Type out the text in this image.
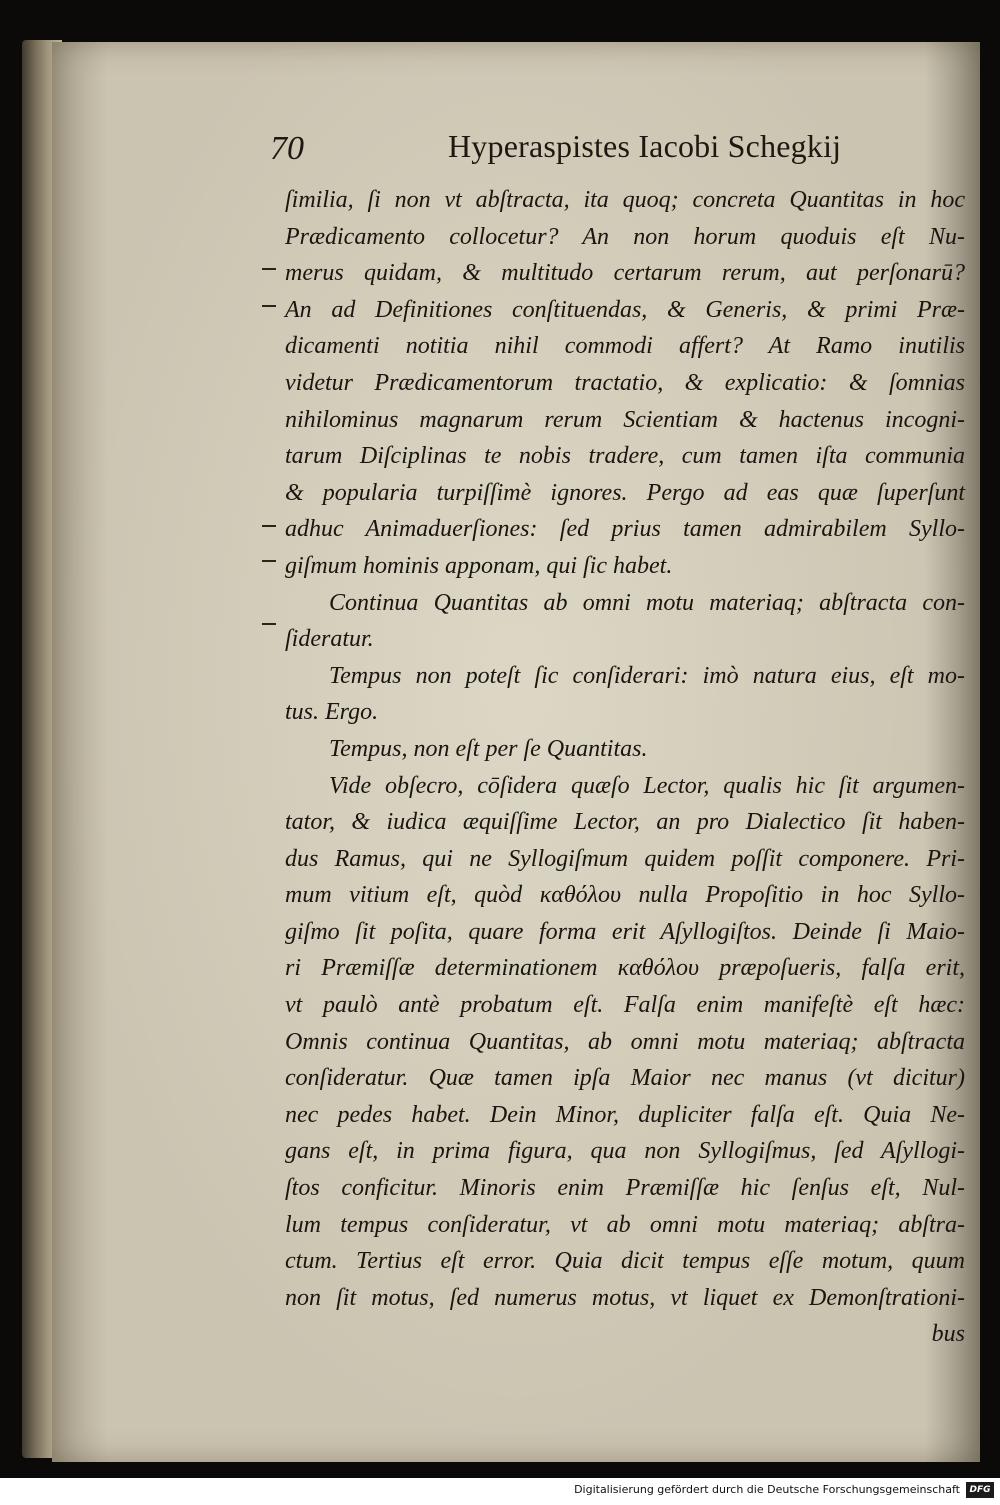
70	Hyperaspistes Iacobi Schegkij
ſimilia, ſi non vt abſtracta, ita quoq; concreta Quantitas in hoc
Prædicamento collocetur? An non horum quoduis eſt Nu-
merus quidam, & multitudo certarum rerum, aut perſonarū?
An ad Definitiones conſtituendas, & Generis, & primi Præ-
dicamenti notitia nihil commodi affert? At Ramo inutilis
videtur Prædicamentorum tractatio, & explicatio: & ſomnias
nihilominus magnarum rerum Scientiam & hactenus incogni-
tarum Diſciplinas te nobis tradere, cum tamen iſta communia
& popularia turpiſſimè ignores. Pergo ad eas quæ ſuperſunt
adhuc Animaduerſiones: ſed prius tamen admirabilem Syllo-
giſmum hominis apponam, qui ſic habet.
Continua Quantitas ab omni motu materiaq; abſtracta con-
ſideratur.
Tempus non poteſt ſic conſiderari: imò natura eius, eſt mo-
tus. Ergo.
Tempus, non eſt per ſe Quantitas.
Vide obſecro, cōſidera quæſo Lector, qualis hic ſit argumen-
tator, & iudica æquiſſime Lector, an pro Dialectico ſit haben-
dus Ramus, qui ne Syllogiſmum quidem poſſit componere. Pri-
mum vitium eſt, quòd καθόλου nulla Propoſitio in hoc Syllo-
giſmo ſit poſita, quare forma erit Aſyllogiſtos. Deinde ſi Maio-
ri Præmiſſæ determinationem καθόλου præpoſueris, falſa erit,
vt paulò antè probatum eſt. Falſa enim manifeſtè eſt hæc:
Omnis continua Quantitas, ab omni motu materiaq; abſtracta
conſideratur. Quæ tamen ipſa Maior nec manus (vt dicitur)
nec pedes habet. Dein Minor, dupliciter falſa eſt. Quia Ne-
gans eſt, in prima figura, qua non Syllogiſmus, ſed Aſyllogi-
ſtos conficitur. Minoris enim Præmiſſæ hic ſenſus eſt, Nul-
lum tempus conſideratur, vt ab omni motu materiaq; abſtra-
ctum. Tertius eſt error. Quia dicit tempus eſſe motum, quum
non ſit motus, ſed numerus motus, vt liquet ex Demonſtrationi-
bus
Digitalisierung gefördert durch die Deutsche Forschungsgemeinschaft	DFG
